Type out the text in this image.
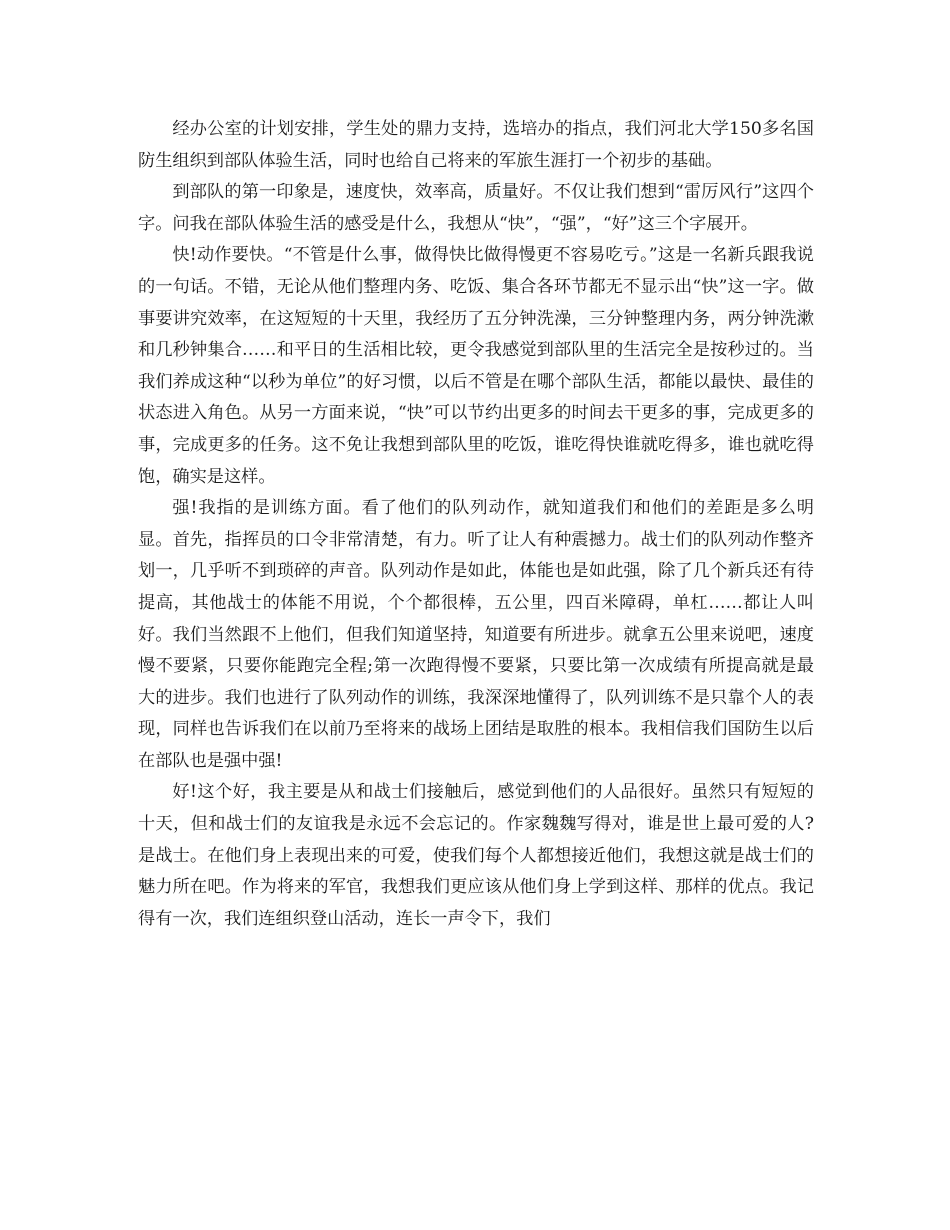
经办公室的计划安排，学生处的鼎力支持，选培办的指点，我们河北大学150多名国防生组织到部队体验生活，同时也给自己将来的军旅生涯打一个初步的基础。

到部队的第一印象是，速度快，效率高，质量好。不仅让我们想到“雷厉风行”这四个字。问我在部队体验生活的感受是什么，我想从“快”，“强”，“好”这三个字展开。

快!动作要快。“不管是什么事，做得快比做得慢更不容易吃亏。”这是一名新兵跟我说的一句话。不错，无论从他们整理内务、吃饭、集合各环节都无不显示出“快”这一字。做事要讲究效率，在这短短的十天里，我经历了五分钟洗澡，三分钟整理内务，两分钟洗漱和几秒钟集合……和平日的生活相比较，更令我感觉到部队里的生活完全是按秒过的。当我们养成这种“以秒为单位”的好习惯，以后不管是在哪个部队生活，都能以最快、最佳的状态进入角色。从另一方面来说，“快”可以节约出更多的时间去干更多的事，完成更多的事，完成更多的任务。这不免让我想到部队里的吃饭，谁吃得快谁就吃得多，谁也就吃得饱，确实是这样。

强!我指的是训练方面。看了他们的队列动作，就知道我们和他们的差距是多么明显。首先，指挥员的口令非常清楚，有力。听了让人有种震撼力。战士们的队列动作整齐划一，几乎听不到琐碎的声音。队列动作是如此，体能也是如此强，除了几个新兵还有待提高，其他战士的体能不用说，个个都很棒，五公里，四百米障碍，单杠……都让人叫好。我们当然跟不上他们，但我们知道坚持，知道要有所进步。就拿五公里来说吧，速度慢不要紧，只要你能跑完全程;第一次跑得慢不要紧，只要比第一次成绩有所提高就是最大的进步。我们也进行了队列动作的训练，我深深地懂得了，队列训练不是只靠个人的表现，同样也告诉我们在以前乃至将来的战场上团结是取胜的根本。我相信我们国防生以后在部队也是强中强!

好!这个好，我主要是从和战士们接触后，感觉到他们的人品很好。虽然只有短短的十天，但和战士们的友谊我是永远不会忘记的。作家魏魏写得对，谁是世上最可爱的人?是战士。在他们身上表现出来的可爱，使我们每个人都想接近他们，我想这就是战士们的魅力所在吧。作为将来的军官，我想我们更应该从他们身上学到这样、那样的优点。我记得有一次，我们连组织登山活动，连长一声令下，我们
